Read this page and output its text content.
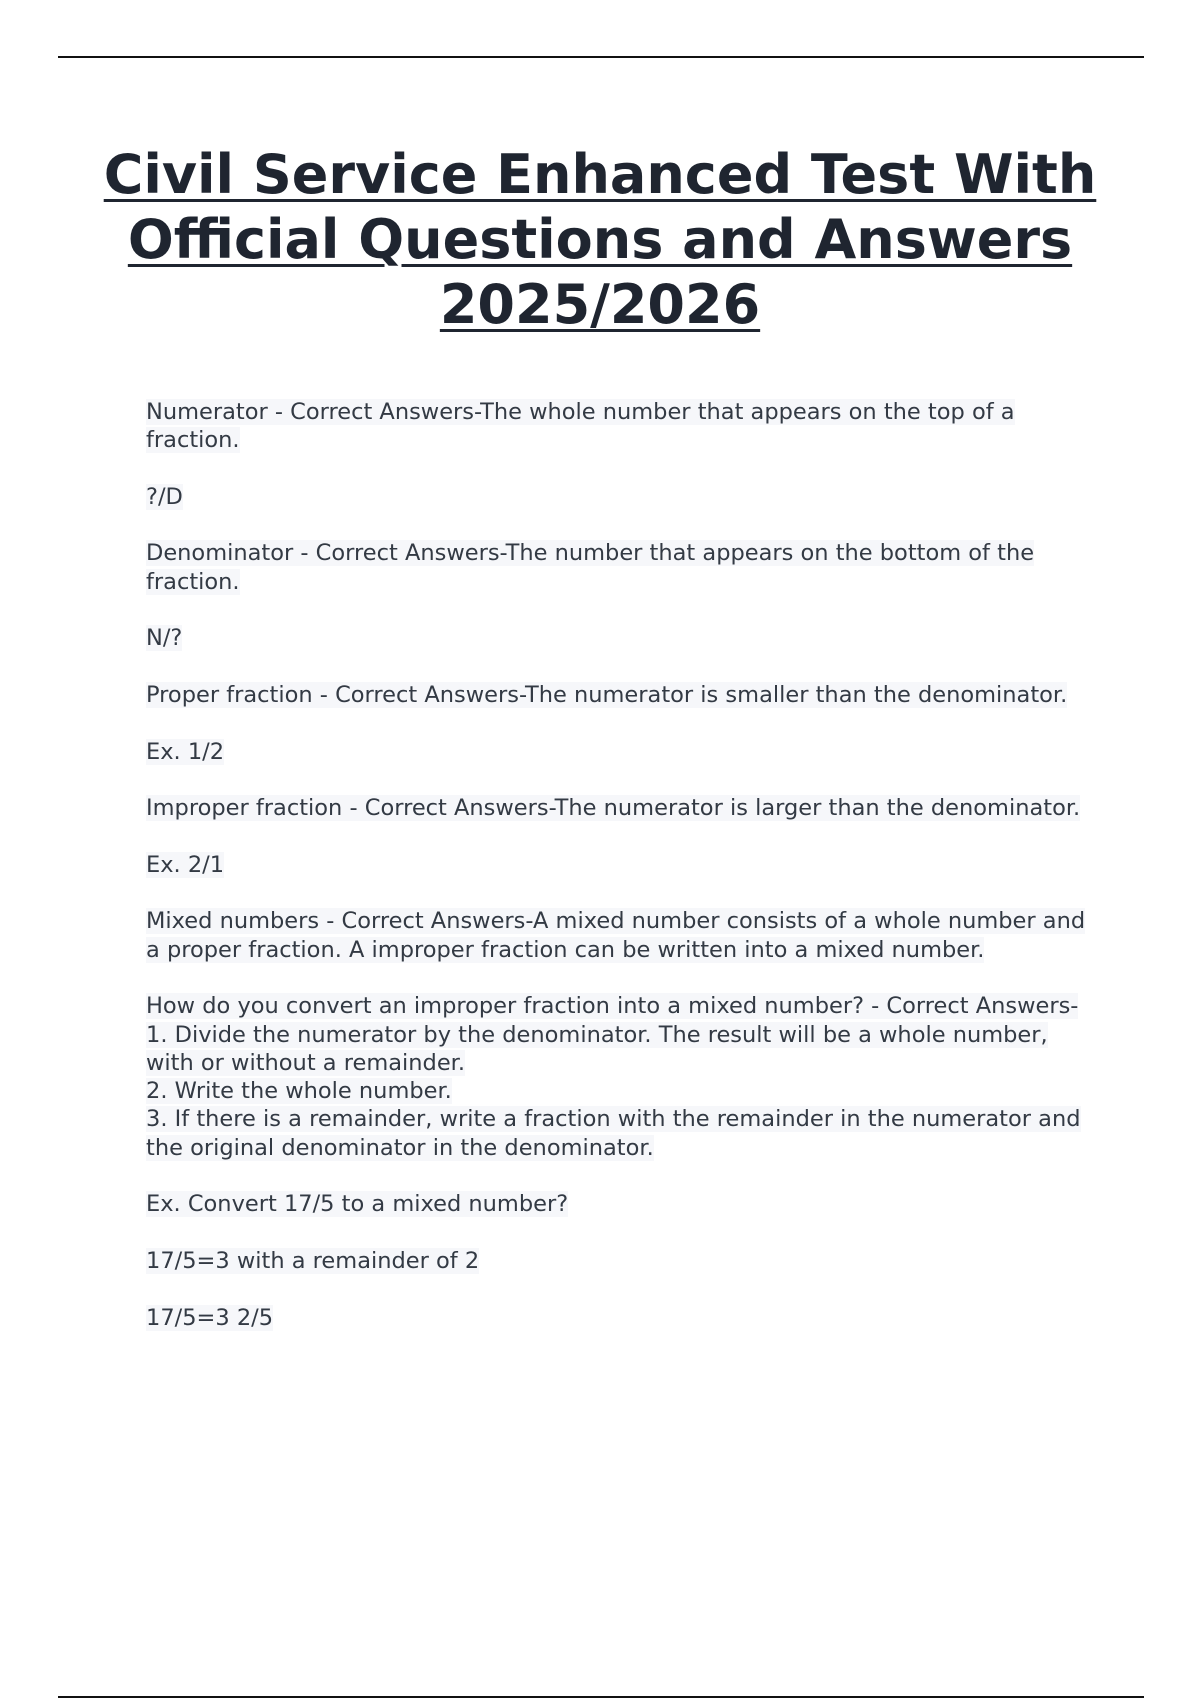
Civil Service Enhanced Test With Official Questions and Answers 2025/2026

Numerator - Correct Answers-The whole number that appears on the top of a fraction.

?/D

Denominator - Correct Answers-The number that appears on the bottom of the fraction.

N/?

Proper fraction - Correct Answers-The numerator is smaller than the denominator.

Ex. 1/2

Improper fraction - Correct Answers-The numerator is larger than the denominator.

Ex. 2/1

Mixed numbers - Correct Answers-A mixed number consists of a whole number and a proper fraction. A improper fraction can be written into a mixed number.

How do you convert an improper fraction into a mixed number? - Correct Answers-1. Divide the numerator by the denominator. The result will be a whole number, with or without a remainder.
2. Write the whole number.
3. If there is a remainder, write a fraction with the remainder in the numerator and the original denominator in the denominator.

Ex. Convert 17/5 to a mixed number?

17/5=3 with a remainder of 2

17/5=3 2/5
